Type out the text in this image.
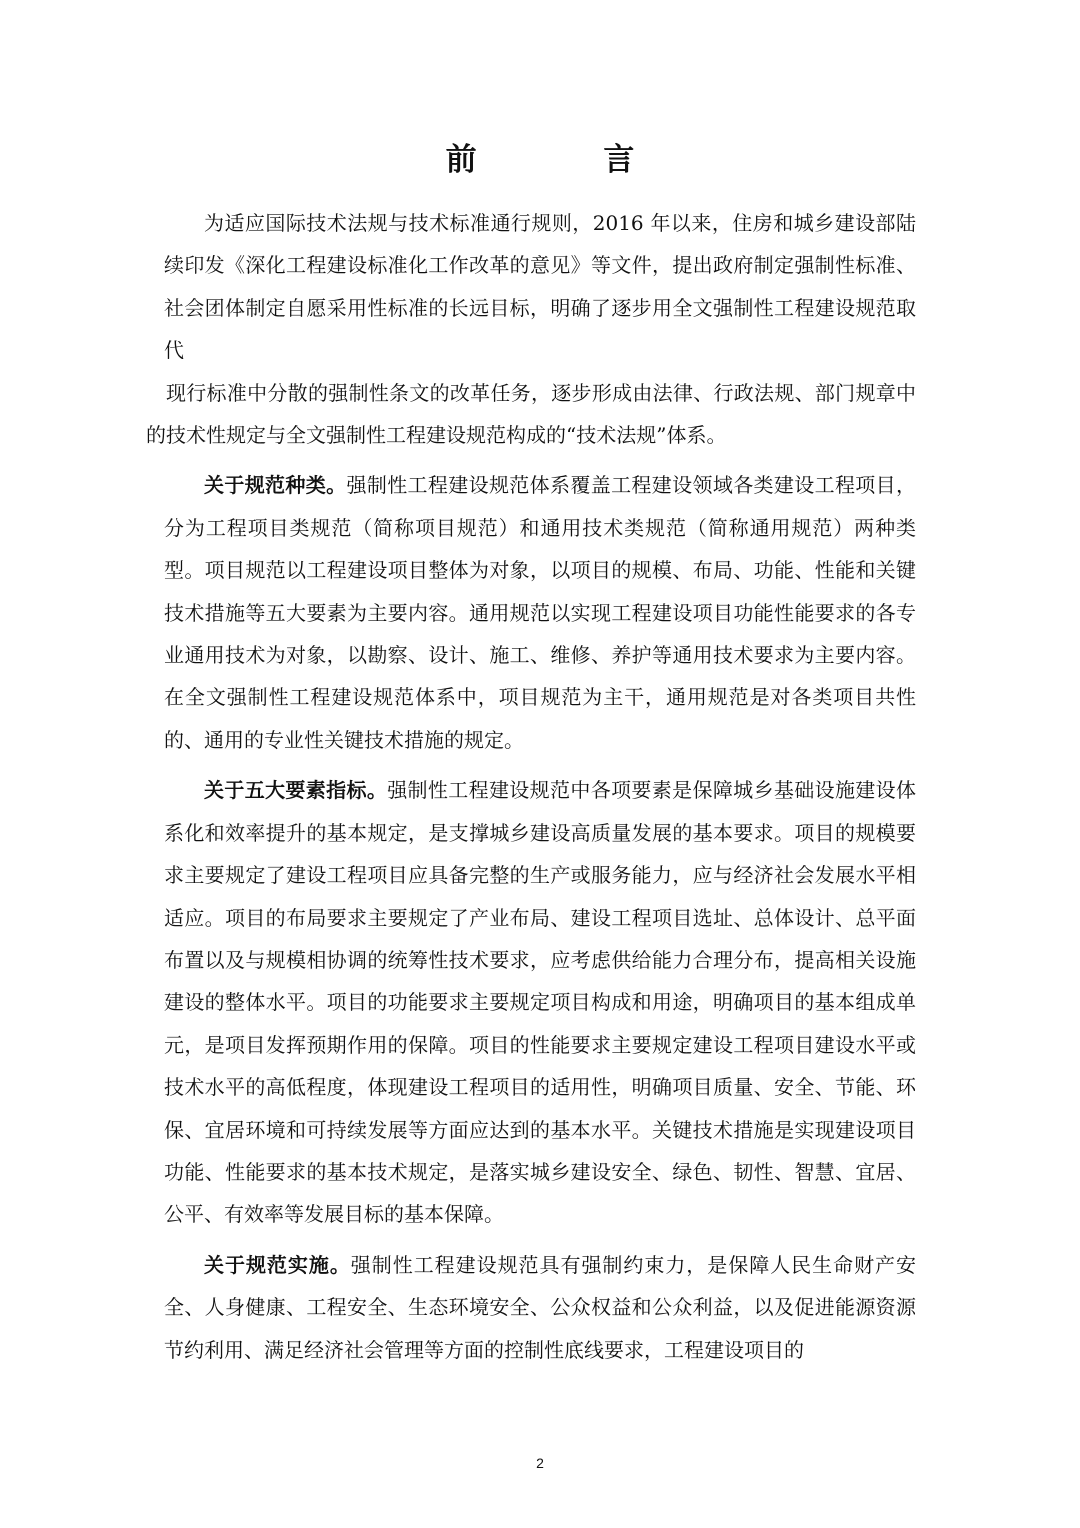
前 言

为适应国际技术法规与技术标准通行规则，2016 年以来，住房和城乡建设部陆续印发《深化工程建设标准化工作改革的意见》等文件，提出政府制定强制性标准、社会团体制定自愿采用性标准的长远目标，明确了逐步用全文强制性工程建设规范取代

现行标准中分散的强制性条文的改革任务，逐步形成由法律、行政法规、部门规章中的技术性规定与全文强制性工程建设规范构成的“技术法规”体系。

关于规范种类。强制性工程建设规范体系覆盖工程建设领域各类建设工程项目，分为工程项目类规范（简称项目规范）和通用技术类规范（简称通用规范）两种类型。项目规范以工程建设项目整体为对象，以项目的规模、布局、功能、性能和关键技术措施等五大要素为主要内容。通用规范以实现工程建设项目功能性能要求的各专业通用技术为对象，以勘察、设计、施工、维修、养护等通用技术要求为主要内容。在全文强制性工程建设规范体系中，项目规范为主干，通用规范是对各类项目共性的、通用的专业性关键技术措施的规定。

关于五大要素指标。强制性工程建设规范中各项要素是保障城乡基础设施建设体系化和效率提升的基本规定，是支撑城乡建设高质量发展的基本要求。项目的规模要求主要规定了建设工程项目应具备完整的生产或服务能力，应与经济社会发展水平相适应。项目的布局要求主要规定了产业布局、建设工程项目选址、总体设计、总平面布置以及与规模相协调的统筹性技术要求，应考虑供给能力合理分布，提高相关设施建设的整体水平。项目的功能要求主要规定项目构成和用途，明确项目的基本组成单元，是项目发挥预期作用的保障。项目的性能要求主要规定建设工程项目建设水平或技术水平的高低程度，体现建设工程项目的适用性，明确项目质量、安全、节能、环保、宜居环境和可持续发展等方面应达到的基本水平。关键技术措施是实现建设项目功能、性能要求的基本技术规定，是落实城乡建设安全、绿色、韧性、智慧、宜居、公平、有效率等发展目标的基本保障。

关于规范实施。强制性工程建设规范具有强制约束力，是保障人民生命财产安全、人身健康、工程安全、生态环境安全、公众权益和公众利益，以及促进能源资源节约利用、满足经济社会管理等方面的控制性底线要求，工程建设项目的

2
